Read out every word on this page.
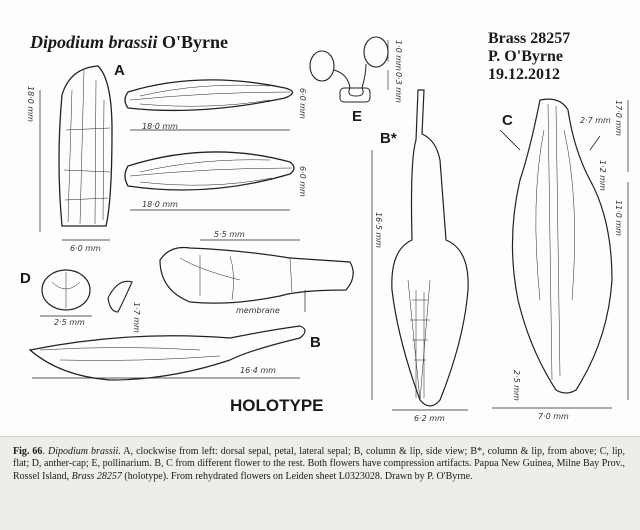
Dipodium brassii O'Byrne	Brass 28257
P. O'Byrne
19.12.2012
A
B
B*
C
D
E
HOLOTYPE
membrane
18·0 mm
6·0 mm
6·0 mm
18·0 mm
6·0 mm
18·0 mm
5·5 mm
16·4 mm
2·5 mm	1·7 mm
1·0 mm
0·3 mm
16·5 mm
6·2 mm
17·0 mm
2·7 mm
1·2 mm
11·0 mm
2·5 mm
7·0 mm
Fig. 66. Dipodium brassii. A, clockwise from left: dorsal sepal, petal, lateral sepal; B, column & lip, side view; B*, column & lip, from above; C, lip, flat; D, anther-cap; E, pollinarium. B, C from different flower to the rest. Both flowers have compression artifacts. Papua New Guinea, Milne Bay Prov., Rossel Island, Brass 28257 (holotype). From rehydrated flowers on Leiden sheet L0323028. Drawn by P. O'Byrne.
